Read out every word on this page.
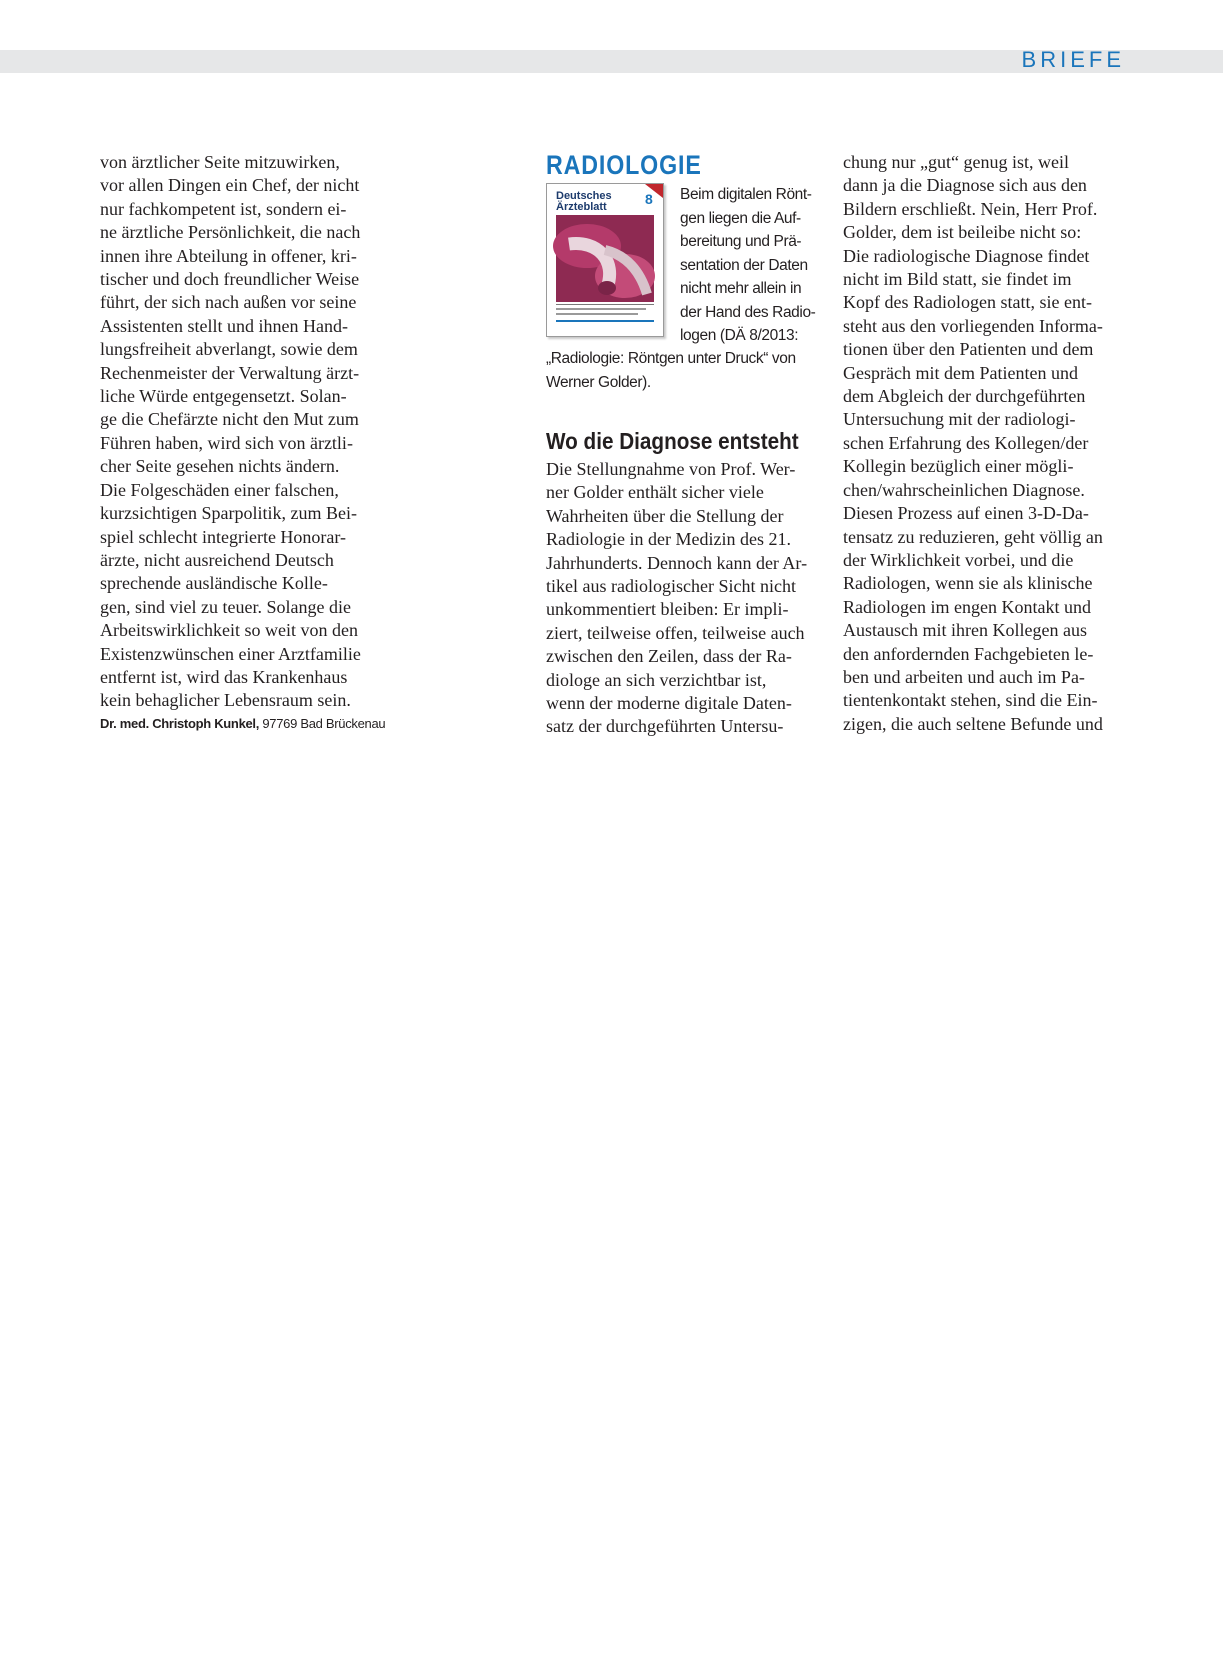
BRIEFE
von ärztlicher Seite mitzuwirken,
vor allen Dingen ein Chef, der nicht
nur fachkompetent ist, sondern ei-
ne ärztliche Persönlichkeit, die nach
innen ihre Abteilung in offener, kri-
tischer und doch freundlicher Weise
führt, der sich nach außen vor seine
Assistenten stellt und ihnen Hand-
lungsfreiheit abverlangt, sowie dem
Rechenmeister der Verwaltung ärzt-
liche Würde entgegensetzt. Solan-
ge die Chefärzte nicht den Mut zum
Führen haben, wird sich von ärztli-
cher Seite gesehen nichts ändern.
Die Folgeschäden einer falschen,
kurzsichtigen Sparpolitik, zum Bei-
spiel schlecht integrierte Honorar-
ärzte, nicht ausreichend Deutsch
sprechende ausländische Kolle-
gen, sind viel zu teuer. Solange die
Arbeitswirklichkeit so weit von den
Existenzwünschen einer Arztfamilie
entfernt ist, wird das Krankenhaus
kein behaglicher Lebensraum sein.
Dr. med. Christoph Kunkel, 97769 Bad Brückenau
RADIOLOGIE
Deutsches
Ärzteblatt	8 Beim digitalen Rönt-
gen liegen die Auf-
bereitung und Prä-
sentation der Daten
nicht mehr allein in
der Hand des Radio-
logen (DÄ 8/2013:
„Radiologie: Röntgen unter Druck“ von
Werner Golder).
Wo die Diagnose entsteht
Die Stellungnahme von Prof. Wer-
ner Golder enthält sicher viele
Wahrheiten über die Stellung der
Radiologie in der Medizin des 21.
Jahrhunderts. Dennoch kann der Ar-
tikel aus radiologischer Sicht nicht
unkommentiert bleiben: Er impli-
ziert, teilweise offen, teilweise auch
zwischen den Zeilen, dass der Ra-
diologe an sich verzichtbar ist,
wenn der moderne digitale Daten-
satz der durchgeführten Untersu-
chung nur „gut“ genug ist, weil
dann ja die Diagnose sich aus den
Bildern erschließt. Nein, Herr Prof.
Golder, dem ist beileibe nicht so:
Die radiologische Diagnose findet
nicht im Bild statt, sie findet im
Kopf des Radiologen statt, sie ent-
steht aus den vorliegenden Informa-
tionen über den Patienten und dem
Gespräch mit dem Patienten und
dem Abgleich der durchgeführten
Untersuchung mit der radiologi-
schen Erfahrung des Kollegen/der
Kollegin bezüglich einer mögli-
chen/wahrscheinlichen Diagnose.
Diesen Prozess auf einen 3-D-Da-
tensatz zu reduzieren, geht völlig an
der Wirklichkeit vorbei, und die
Radiologen, wenn sie als klinische
Radiologen im engen Kontakt und
Austausch mit ihren Kollegen aus
den anfordernden Fachgebieten le-
ben und arbeiten und auch im Pa-
tientenkontakt stehen, sind die Ein-
zigen, die auch seltene Befunde und
